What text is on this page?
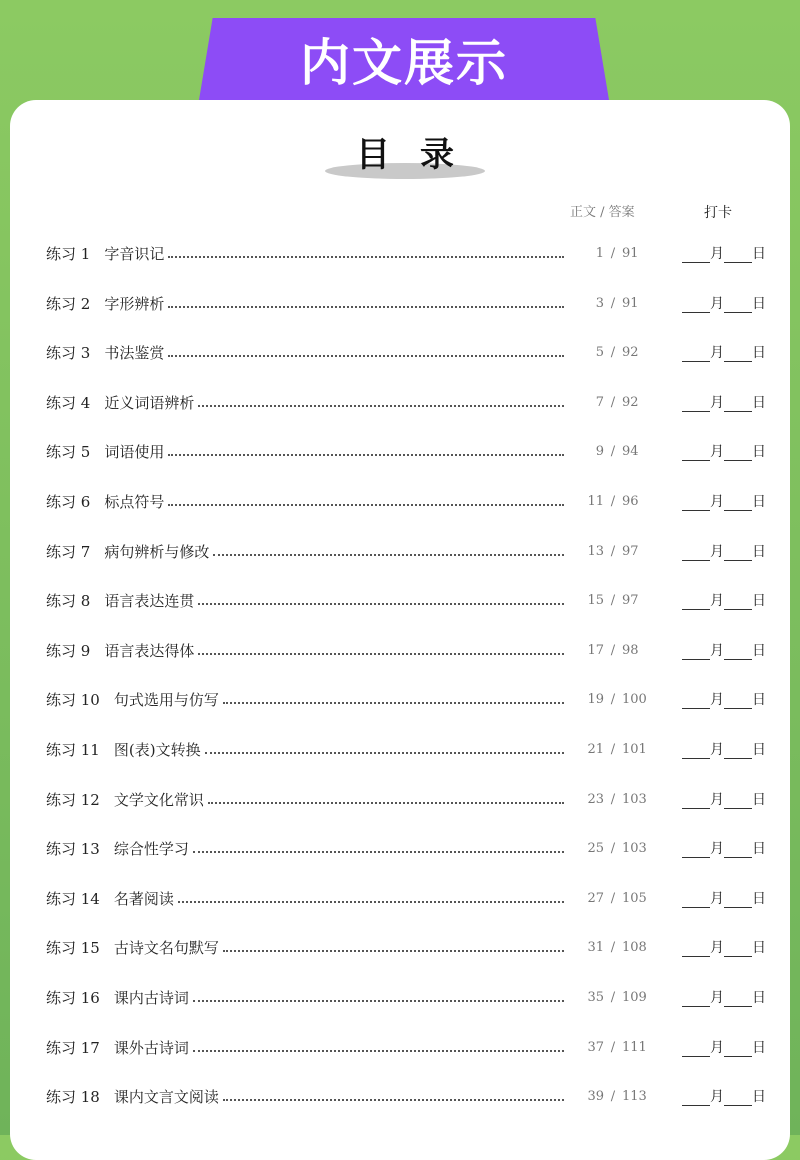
内文展示
目录
正文 / 答案	打卡
练习 1 字音识记	1 / 91	月 日
练习 2 字形辨析	3 / 91	月 日
练习 3 书法鉴赏	5 / 92	月 日
练习 4 近义词语辨析	7 / 92	月 日
练习 5 词语使用	9 / 94	月 日
练习 6 标点符号	11 / 96	月 日
练习 7 病句辨析与修改	13 / 97	月 日
练习 8 语言表达连贯	15 / 97	月 日
练习 9 语言表达得体	17 / 98	月 日
练习 10 句式选用与仿写	19 / 100	月 日
练习 11 图(表)文转换	21 / 101	月 日
练习 12 文学文化常识	23 / 103	月 日
练习 13 综合性学习	25 / 103	月 日
练习 14 名著阅读	27 / 105	月 日
练习 15 古诗文名句默写	31 / 108	月 日
练习 16 课内古诗词	35 / 109	月 日
练习 17 课外古诗词	37 / 111	月 日
练习 18 课内文言文阅读	39 / 113	月 日
